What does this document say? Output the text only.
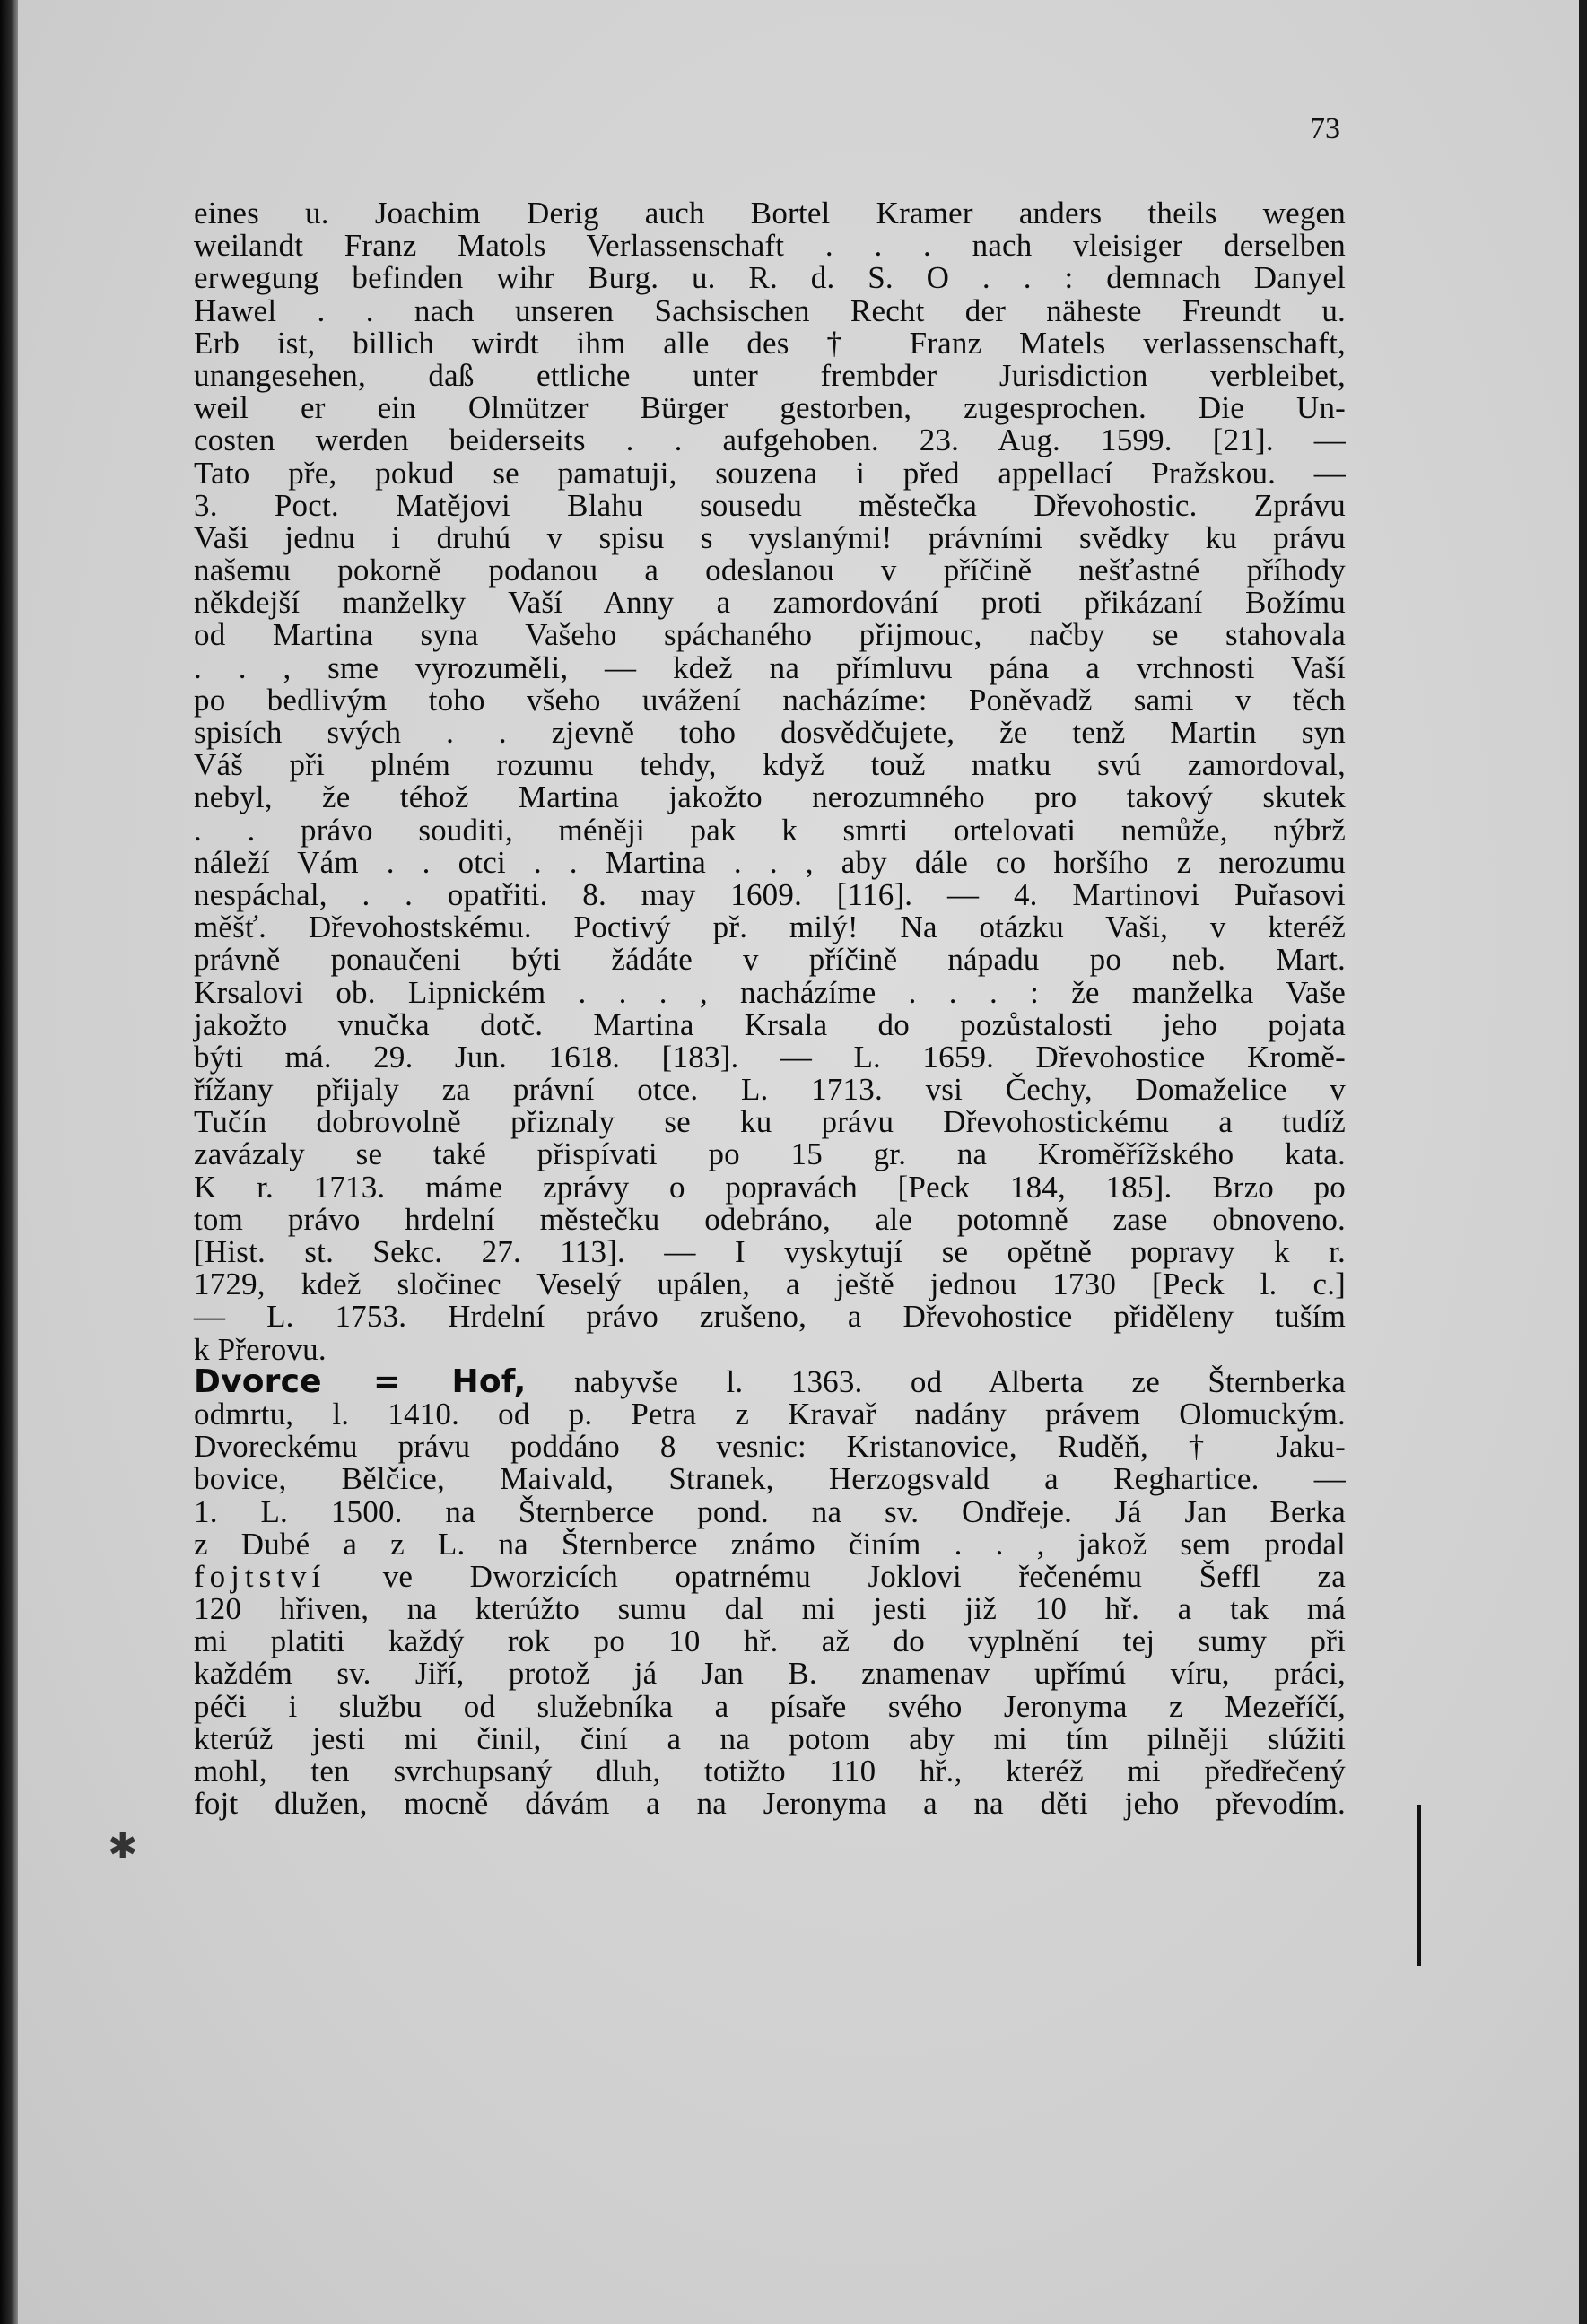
73
eines u. Joachim Derig auch Bortel Kramer anders theils wegen
weilandt Franz Matols Verlassenschaft . . . nach vleisiger derselben
erwegung befinden wihr Burg. u. R. d. S. O . . : demnach Danyel
Hawel . . nach unseren Sachsischen Recht der näheste Freundt u.
Erb ist, billich wirdt ihm alle des † Franz Matels verlassenschaft,
unangesehen, daß ettliche unter frembder Jurisdiction verbleibet,
weil er ein Olmützer Bürger gestorben, zugesprochen. Die Un-
costen werden beiderseits . . aufgehoben. 23. Aug. 1599. [21]. —
Tato pře, pokud se pamatuji, souzena i před appellací Pražskou. —
3. Poct. Matějovi Blahu sousedu městečka Dřevohostic. Zprávu
Vaši jednu i druhú v spisu s vyslanými! právními svědky ku právu
našemu pokorně podanou a odeslanou v příčině nešťastné příhody
někdejší manželky Vaší Anny a zamordování proti přikázaní Božímu
od Martina syna Vašeho spáchaného přijmouc, načby se stahovala
. . , sme vyrozuměli, — kdež na přímluvu pána a vrchnosti Vaší
po bedlivým toho všeho uvážení nacházíme: Poněvadž sami v těch
spisích svých . . zjevně toho dosvědčujete, že tenž Martin syn
Váš při plném rozumu tehdy, když touž matku svú zamordoval,
nebyl, že téhož Martina jakožto nerozumného pro takový skutek
. . právo souditi, méněji pak k smrti ortelovati nemůže, nýbrž
náleží Vám . . otci . . Martina . . , aby dále co horšího z nerozumu
nespáchal, . . opatřiti. 8. may 1609. [116]. — 4. Martinovi Puřasovi
měšť. Dřevohostskému. Poctivý př. milý! Na otázku Vaši, v kteréž
právně ponaučeni býti žádáte v příčině nápadu po neb. Mart.
Krsalovi ob. Lipnickém . . . , nacházíme . . . : že manželka Vaše
jakožto vnučka dotč. Martina Krsala do pozůstalosti jeho pojata
býti má. 29. Jun. 1618. [183]. — L. 1659. Dřevohostice Kromě-
řížany přijaly za právní otce. L. 1713. vsi Čechy, Domaželice v
Tučín dobrovolně přiznaly se ku právu Dřevohostickému a tudíž
zavázaly se také přispívati po 15 gr. na Kroměřížského kata.
K r. 1713. máme zprávy o popravách [Peck 184, 185]. Brzo po
tom právo hrdelní městečku odebráno, ale potomně zase obnoveno.
[Hist. st. Sekc. 27. 113]. — I vyskytují se opětně popravy k r.
1729, kdež sločinec Veselý upálen, a ještě jednou 1730 [Peck l. c.]
— L. 1753. Hrdelní právo zrušeno, a Dřevohostice přiděleny tuším
k Přerovu.
Dvorce = Hof, nabyvše l. 1363. od Alberta ze Šternberka
odmrtu, l. 1410. od p. Petra z Kravař nadány právem Olomuckým.
Dvoreckému právu poddáno 8 vesnic: Kristanovice, Ruděň, † Jaku-
bovice, Bělčice, Maivald, Stranek, Herzogsvald a Reghartice. —
1. L. 1500. na Šternberce pond. na sv. Ondřeje. Já Jan Berka
z Dubé a z L. na Šternberce známo činím . . , jakož sem prodal
fojtství ve Dworzicích opatrnému Joklovi řečenému Šeffl za
120 hřiven, na kterúžto sumu dal mi jesti již 10 hř. a tak má
mi platiti každý rok po 10 hř. až do vyplnění tej sumy při
každém sv. Jiří, protož já Jan B. znamenav upřímú víru, práci,
péči i službu od služebníka a písaře svého Jeronyma z Mezeříčí,
kterúž jesti mi činil, činí a na potom aby mi tím pilněji slúžiti
mohl, ten svrchupsaný dluh, totižto 110 hř., kteréž mi předřečený
fojt dlužen, mocně dávám a na Jeronyma a na děti jeho převodím.
✱
